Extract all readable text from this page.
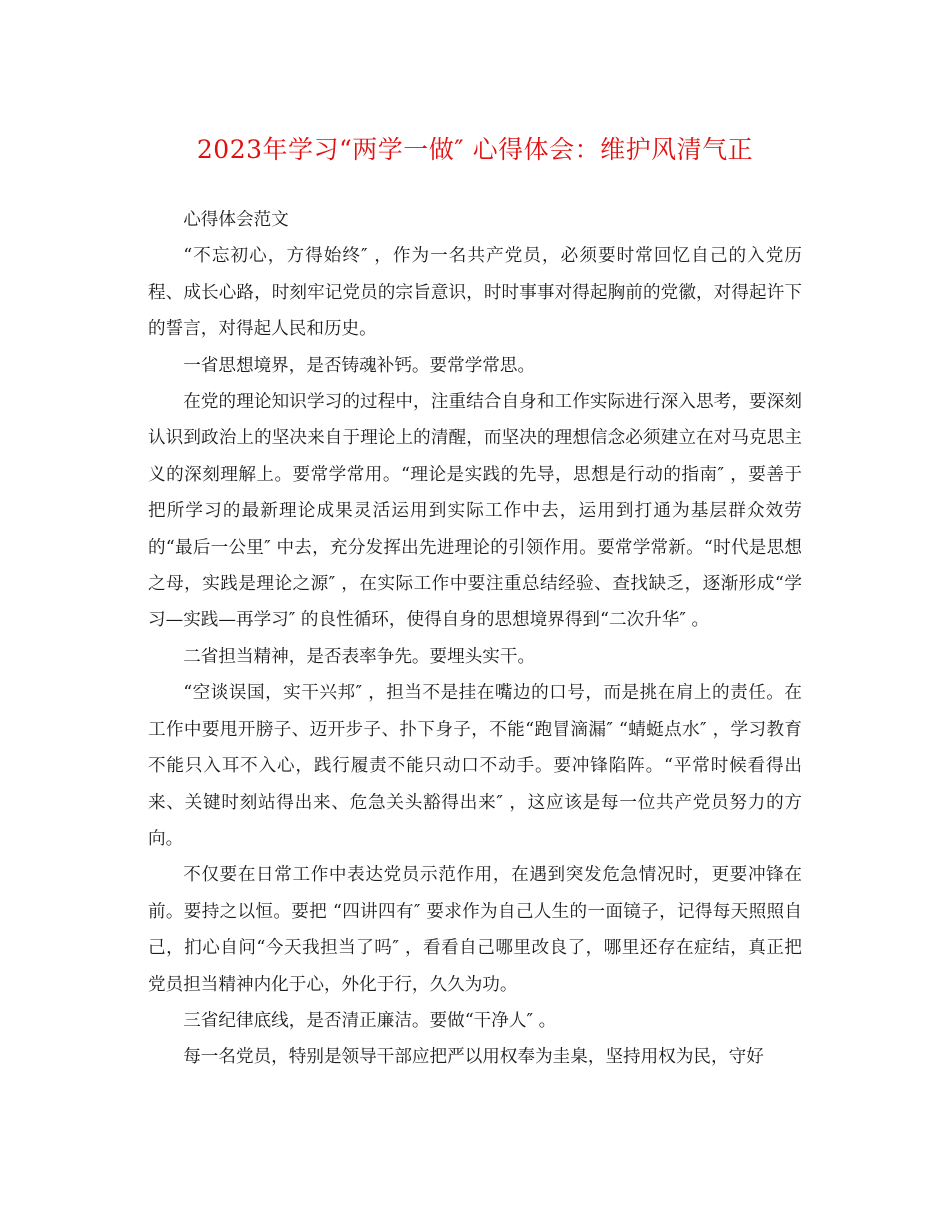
2023年学习“两学一做″ 心得体会：维护风清气正

心得体会范文

“不忘初心，方得始终″ ，作为一名共产党员，必须要时常回忆自己的入党历程、成长心路，时刻牢记党员的宗旨意识，时时事事对得起胸前的党徽，对得起许下的誓言，对得起人民和历史。

一省思想境界，是否铸魂补钙。要常学常思。

在党的理论知识学习的过程中，注重结合自身和工作实际进行深入思考，要深刻认识到政治上的坚决来自于理论上的清醒，而坚决的理想信念必须建立在对马克思主义的深刻理解上。要常学常用。“理论是实践的先导，思想是行动的指南″ ，要善于把所学习的最新理论成果灵活运用到实际工作中去，运用到打通为基层群众效劳的“最后一公里″ 中去，充分发挥出先进理论的引领作用。要常学常新。“时代是思想之母，实践是理论之源″ ，在实际工作中要注重总结经验、查找缺乏，逐渐形成“学习—实践—再学习″ 的良性循环，使得自身的思想境界得到“二次升华″ 。

二省担当精神，是否表率争先。要埋头实干。

“空谈误国，实干兴邦″ ，担当不是挂在嘴边的口号，而是挑在肩上的责任。在工作中要甩开膀子、迈开步子、扑下身子，不能“跑冒滴漏″ “蜻蜓点水″ ，学习教育不能只入耳不入心，践行履责不能只动口不动手。要冲锋陷阵。“平常时候看得出来、关键时刻站得出来、危急关头豁得出来″ ，这应该是每一位共产党员努力的方向。

不仅要在日常工作中表达党员示范作用，在遇到突发危急情况时，更要冲锋在前。要持之以恒。要把 “四讲四有″ 要求作为自己人生的一面镜子，记得每天照照自己，扪心自问“今天我担当了吗″ ，看看自己哪里改良了，哪里还存在症结，真正把党员担当精神内化于心，外化于行，久久为功。

三省纪律底线，是否清正廉洁。要做“干净人″ 。

每一名党员，特别是领导干部应把严以用权奉为圭臬，坚持用权为民，守好
